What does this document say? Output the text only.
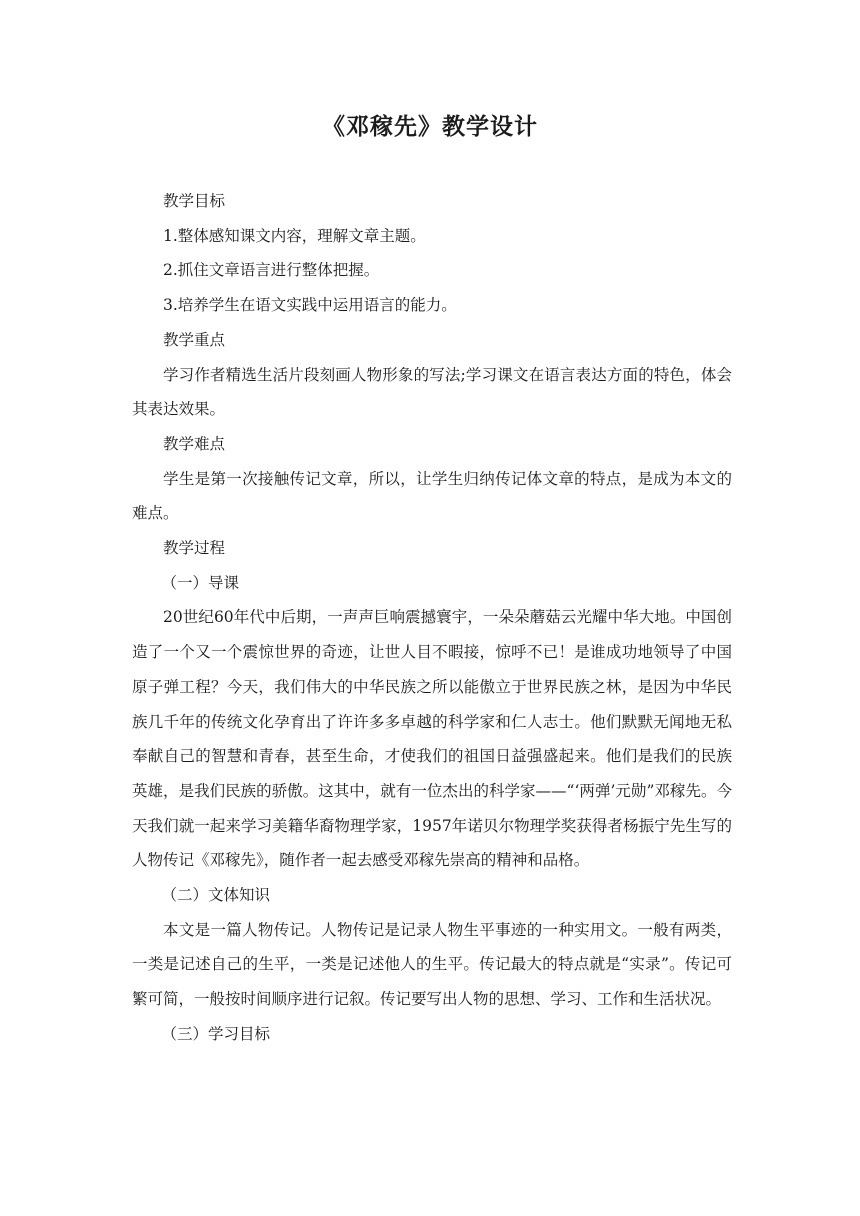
《邓稼先》教学设计

教学目标

1.整体感知课文内容，理解文章主题。

2.抓住文章语言进行整体把握。

3.培养学生在语文实践中运用语言的能力。

教学重点

学习作者精选生活片段刻画人物形象的写法;学习课文在语言表达方面的特色，体会其表达效果。

教学难点

学生是第一次接触传记文章，所以，让学生归纳传记体文章的特点，是成为本文的难点。

教学过程

（一）导课

20世纪60年代中后期，一声声巨响震撼寰宇，一朵朵蘑菇云光耀中华大地。中国创造了一个又一个震惊世界的奇迹，让世人目不暇接，惊呼不已！是谁成功地领导了中国原子弹工程？今天，我们伟大的中华民族之所以能傲立于世界民族之林，是因为中华民族几千年的传统文化孕育出了许许多多卓越的科学家和仁人志士。他们默默无闻地无私奉献自己的智慧和青春，甚至生命，才使我们的祖国日益强盛起来。他们是我们的民族英雄，是我们民族的骄傲。这其中，就有一位杰出的科学家——“‘两弹’元勋”邓稼先。今天我们就一起来学习美籍华裔物理学家，1957年诺贝尔物理学奖获得者杨振宁先生写的人物传记《邓稼先》，随作者一起去感受邓稼先崇高的精神和品格。

（二）文体知识

本文是一篇人物传记。人物传记是记录人物生平事迹的一种实用文。一般有两类，一类是记述自己的生平，一类是记述他人的生平。传记最大的特点就是“实录”。传记可繁可简，一般按时间顺序进行记叙。传记要写出人物的思想、学习、工作和生活状况。

（三）学习目标
